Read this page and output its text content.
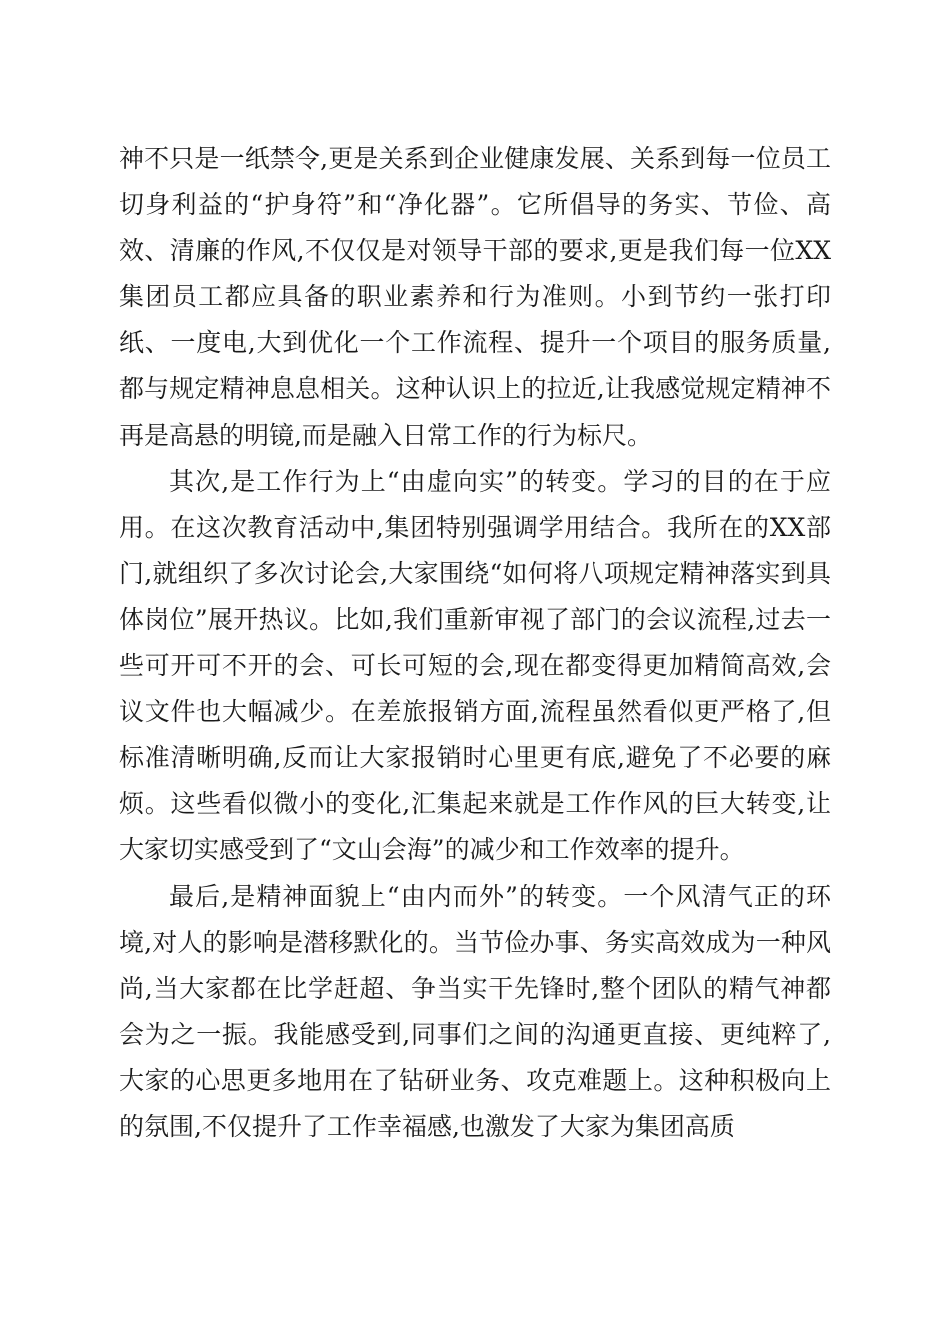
神不只是一纸禁令,更是关系到企业健康发展、关系到每一位员工切身利益的“护身符”和“净化器”。它所倡导的务实、节俭、高效、清廉的作风,不仅仅是对领导干部的要求,更是我们每一位XX集团员工都应具备的职业素养和行为准则。小到节约一张打印纸、一度电,大到优化一个工作流程、提升一个项目的服务质量,都与规定精神息息相关。这种认识上的拉近,让我感觉规定精神不再是高悬的明镜,而是融入日常工作的行为标尺。

其次,是工作行为上“由虚向实”的转变。学习的目的在于应用。在这次教育活动中,集团特别强调学用结合。我所在的XX部门,就组织了多次讨论会,大家围绕“如何将八项规定精神落实到具体岗位”展开热议。比如,我们重新审视了部门的会议流程,过去一些可开可不开的会、可长可短的会,现在都变得更加精简高效,会议文件也大幅减少。在差旅报销方面,流程虽然看似更严格了,但标准清晰明确,反而让大家报销时心里更有底,避免了不必要的麻烦。这些看似微小的变化,汇集起来就是工作作风的巨大转变,让大家切实感受到了“文山会海”的减少和工作效率的提升。

最后,是精神面貌上“由内而外”的转变。一个风清气正的环境,对人的影响是潜移默化的。当节俭办事、务实高效成为一种风尚,当大家都在比学赶超、争当实干先锋时,整个团队的精气神都会为之一振。我能感受到,同事们之间的沟通更直接、更纯粹了,大家的心思更多地用在了钻研业务、攻克难题上。这种积极向上的氛围,不仅提升了工作幸福感,也激发了大家为集团高质
